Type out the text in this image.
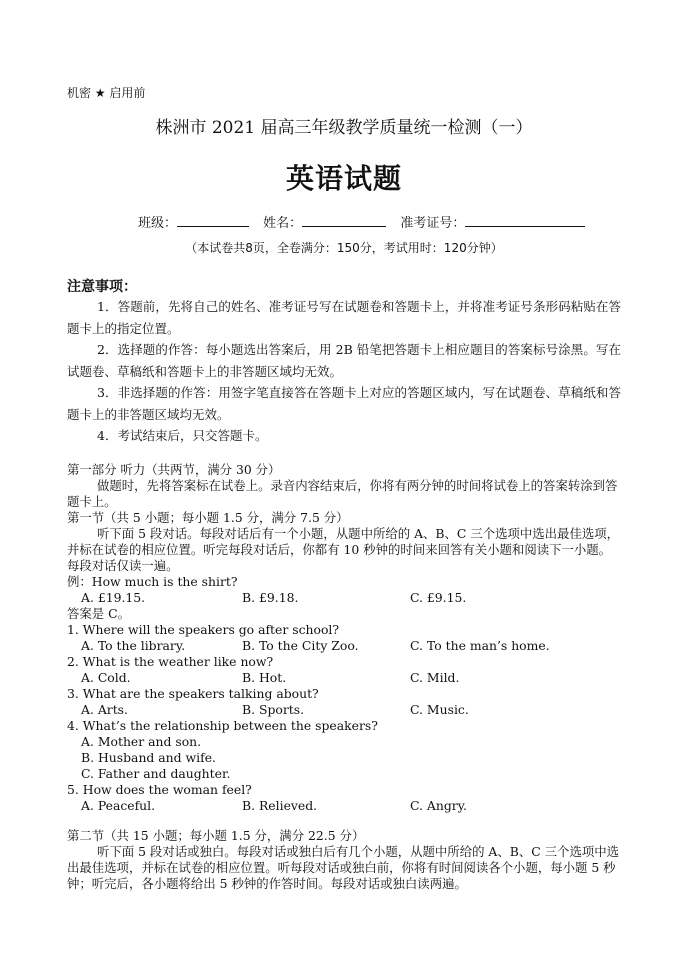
机密 ★ 启用前
株洲市 2021 届高三年级教学质量统一检测（一）
英语试题
班级：	姓名：	准考证号：
（本试卷共8页，全卷满分：150分，考试用时：120分钟）
注意事项：

1．答题前，先将自己的姓名、准考证号写在试题卷和答题卡上，并将准考证号条形码粘贴在答题卡上的指定位置。

2．选择题的作答：每小题选出答案后，用 2B 铅笔把答题卡上相应题目的答案标号涂黑。写在试题卷、草稿纸和答题卡上的非答题区域均无效。

3．非选择题的作答：用签字笔直接答在答题卡上对应的答题区域内，写在试题卷、草稿纸和答题卡上的非答题区域均无效。

4．考试结束后，只交答题卡。

第一部分 听力（共两节，满分 30 分）

做题时，先将答案标在试卷上。录音内容结束后，你将有两分钟的时间将试卷上的答案转涂到答题卡上。

第一节（共 5 小题；每小题 1.5 分，满分 7.5 分）

听下面 5 段对话。每段对话后有一个小题，从题中所给的 A、B、C 三个选项中选出最佳选项，并标在试卷的相应位置。听完每段对话后，你都有 10 秒钟的时间来回答有关小题和阅读下一小题。每段对话仅读一遍。

例：How much is the shirt?

A. £19.15.	B. £9.18.	C. £9.15.

答案是 C。

1. Where will the speakers go after school?

A. To the library.	B. To the City Zoo.	C. To the man’s home.

2. What is the weather like now?

A. Cold.	B. Hot.	C. Mild.

3. What are the speakers talking about?

A. Arts.	B. Sports.	C. Music.

4. What’s the relationship between the speakers?

A. Mother and son.

B. Husband and wife.

C. Father and daughter.

5. How does the woman feel?

A. Peaceful.	B. Relieved.	C. Angry.

第二节（共 15 小题；每小题 1.5 分，满分 22.5 分）

听下面 5 段对话或独白。每段对话或独白后有几个小题，从题中所给的 A、B、C 三个选项中选出最佳选项，并标在试卷的相应位置。听每段对话或独白前，你将有时间阅读各个小题，每小题 5 秒钟；听完后，各小题将给出 5 秒钟的作答时间。每段对话或独白读两遍。
